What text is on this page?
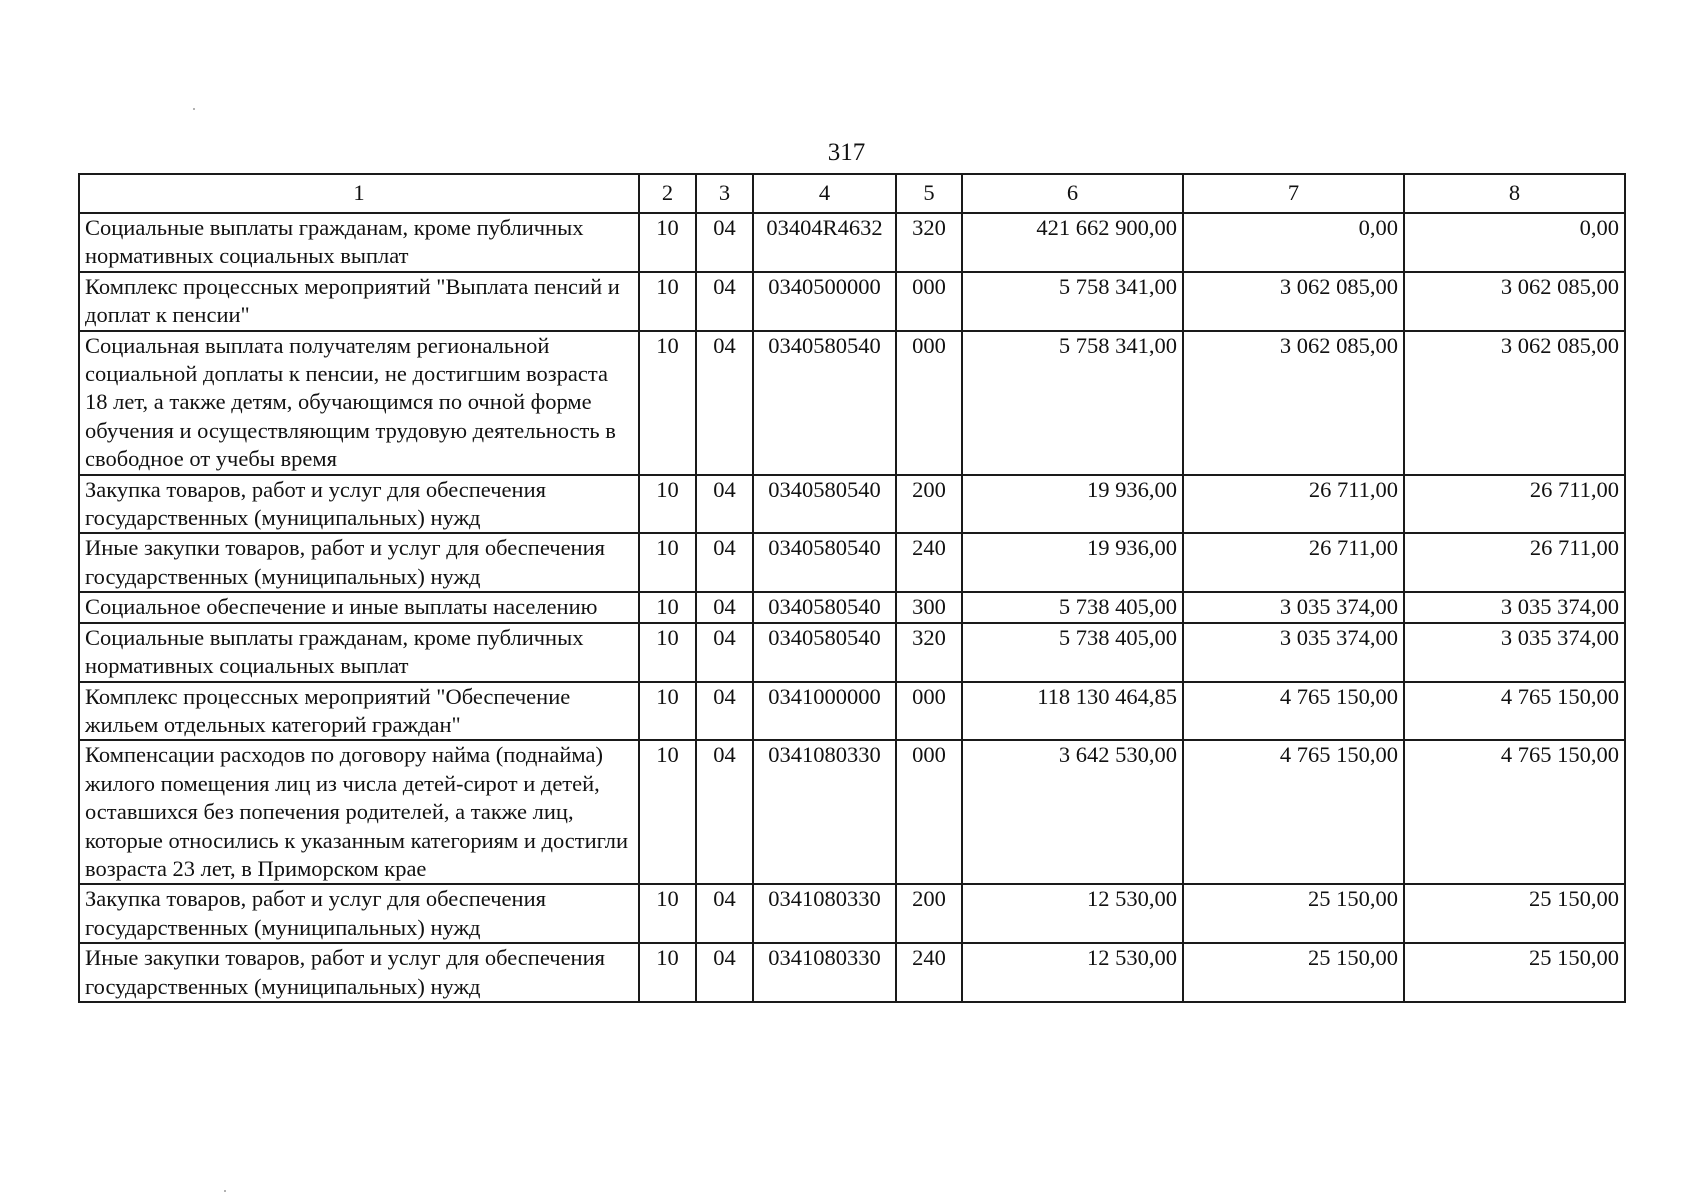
317
1	2	3	4	5	6	7	8
Социальные выплаты гражданам, кроме публичных нормативных социальных выплат	10	04	03404R4632	320	421 662 900,00	0,00	0,00
Комплекс процессных мероприятий "Выплата пенсий и доплат к пенсии"	10	04	0340500000	000	5 758 341,00	3 062 085,00	3 062 085,00
Социальная выплата получателям региональной социальной доплаты к пенсии, не достигшим возраста 18 лет, а также детям, обучающимся по очной форме обучения и осуществляющим трудовую деятельность в свободное от учебы время	10	04	0340580540	000	5 758 341,00	3 062 085,00	3 062 085,00
Закупка товаров, работ и услуг для обеспечения государственных (муниципальных) нужд	10	04	0340580540	200	19 936,00	26 711,00	26 711,00
Иные закупки товаров, работ и услуг для обеспечения государственных (муниципальных) нужд	10	04	0340580540	240	19 936,00	26 711,00	26 711,00
Социальное обеспечение и иные выплаты населению	10	04	0340580540	300	5 738 405,00	3 035 374,00	3 035 374,00
Социальные выплаты гражданам, кроме публичных нормативных социальных выплат	10	04	0340580540	320	5 738 405,00	3 035 374,00	3 035 374,00
Комплекс процессных мероприятий "Обеспечение жильем отдельных категорий граждан"	10	04	0341000000	000	118 130 464,85	4 765 150,00	4 765 150,00
Компенсации расходов по договору найма (поднайма) жилого помещения лиц из числа детей-сирот и детей, оставшихся без попечения родителей, а также лиц, которые относились к указанным категориям и достигли возраста 23 лет, в Приморском крае	10	04	0341080330	000	3 642 530,00	4 765 150,00	4 765 150,00
Закупка товаров, работ и услуг для обеспечения государственных (муниципальных) нужд	10	04	0341080330	200	12 530,00	25 150,00	25 150,00
Иные закупки товаров, работ и услуг для обеспечения государственных (муниципальных) нужд	10	04	0341080330	240	12 530,00	25 150,00	25 150,00
